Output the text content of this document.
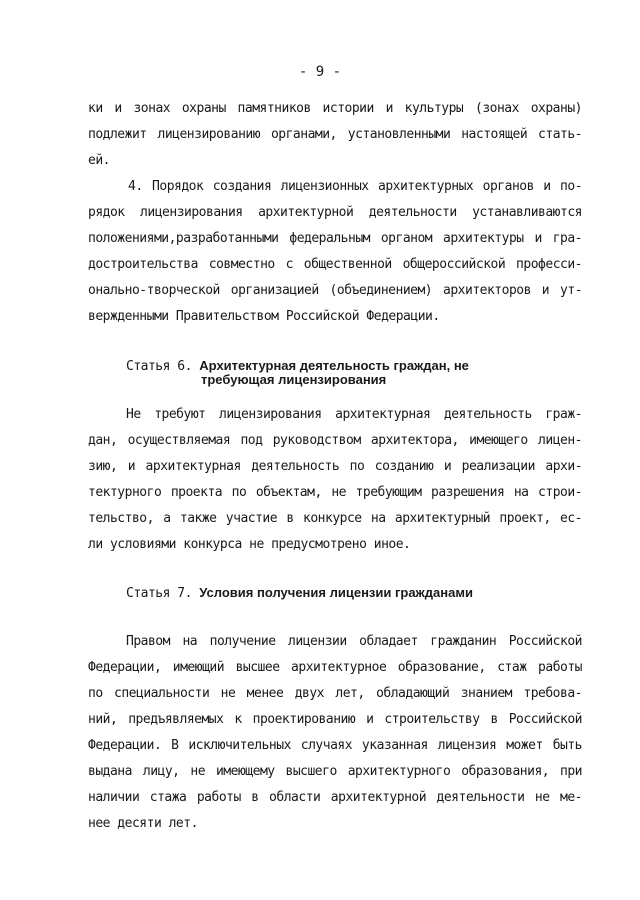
- 9 -
ки и зонах охраны памятников истории и культуры (зонах охраны)
подлежит лицензированию органами, установленными настоящей стать-
ей.
4. Порядок создания лицензионных архитектурных органов и по-
рядок лицензирования архитектурной деятельности устанавливаются
положениями,разработанными федеральным органом архитектуры и гра-
достроительства совместно с общественной общероссийской професси-
онально-творческой организацией (объединением) архитекторов и ут-
вержденными Правительством Российской Федерации.
Статья 6. Архитектурная деятельность граждан, не
требующая лицензирования
Не требуют лицензирования архитектурная деятельность граж-
дан, осуществляемая под руководством архитектора, имеющего лицен-
зию, и архитектурная деятельность по созданию и реализации архи-
тектурного проекта по объектам, не требующим разрешения на строи-
тельство, а также участие в конкурсе на архитектурный проект, ес-
ли условиями конкурса не предусмотрено иное.
Статья 7. Условия получения лицензии гражданами
Правом на получение лицензии обладает гражданин Российской
Федерации, имеющий высшее архитектурное образование, стаж работы
по специальности не менее двух лет, обладающий знанием требова-
ний, предъявляемых к проектированию и строительству в Российской
Федерации. В исключительных случаях указанная лицензия может быть
выдана лицу, не имеющему высшего архитектурного образования, при
наличии стажа работы в области архитектурной деятельности не ме-
нее десяти лет.
